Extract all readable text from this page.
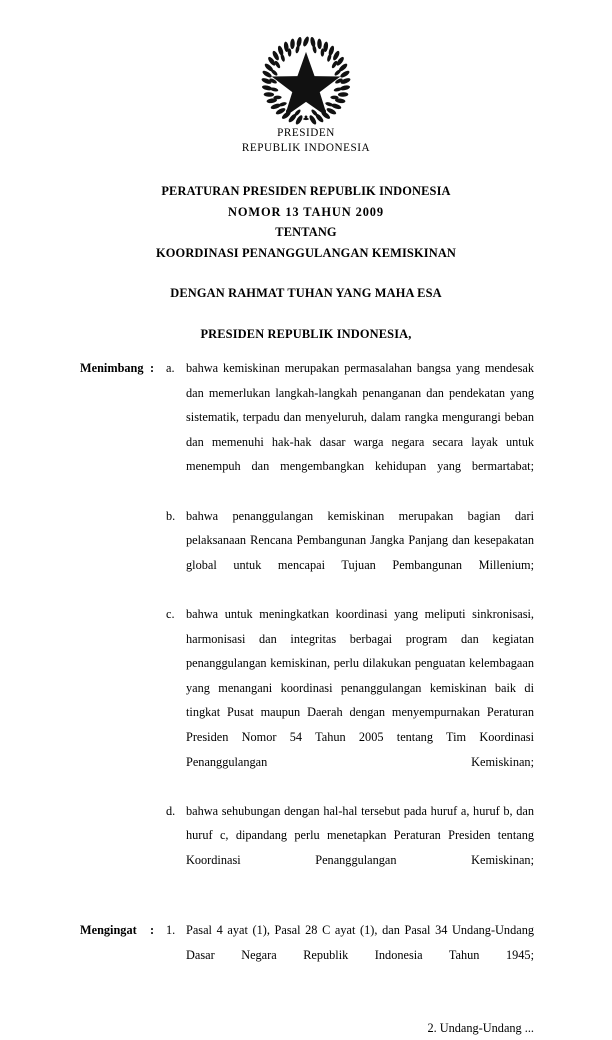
PRESIDEN
REPUBLIK INDONESIA
PERATURAN PRESIDEN REPUBLIK INDONESIA
NOMOR 13 TAHUN 2009
TENTANG
KOORDINASI PENANGGULANGAN KEMISKINAN
DENGAN RAHMAT TUHAN YANG MAHA ESA
PRESIDEN REPUBLIK INDONESIA,
Menimbang : a. bahwa kemiskinan merupakan permasalahan bangsa yang mendesak dan memerlukan langkah-langkah penanganan dan pendekatan yang sistematik, terpadu dan menyeluruh, dalam rangka mengurangi beban dan memenuhi hak-hak dasar warga negara secara layak untuk menempuh dan mengembangkan kehidupan yang bermartabat;
b. bahwa penanggulangan kemiskinan merupakan bagian dari pelaksanaan Rencana Pembangunan Jangka Panjang dan kesepakatan global untuk mencapai Tujuan Pembangunan Millenium;
c. bahwa untuk meningkatkan koordinasi yang meliputi sinkronisasi, harmonisasi dan integritas berbagai program dan kegiatan penanggulangan kemiskinan, perlu dilakukan penguatan kelembagaan yang menangani koordinasi penanggulangan kemiskinan baik di tingkat Pusat maupun Daerah dengan menyempurnakan Peraturan Presiden Nomor 54 Tahun 2005 tentang Tim Koordinasi Penanggulangan Kemiskinan;
d. bahwa sehubungan dengan hal-hal tersebut pada huruf a, huruf b, dan huruf c, dipandang perlu menetapkan Peraturan Presiden tentang Koordinasi Penanggulangan Kemiskinan;
Mengingat	: 1. Pasal 4 ayat (1), Pasal 28 C ayat (1), dan Pasal 34 Undang-Undang Dasar Negara Republik Indonesia Tahun 1945;
2. Undang-Undang ...
